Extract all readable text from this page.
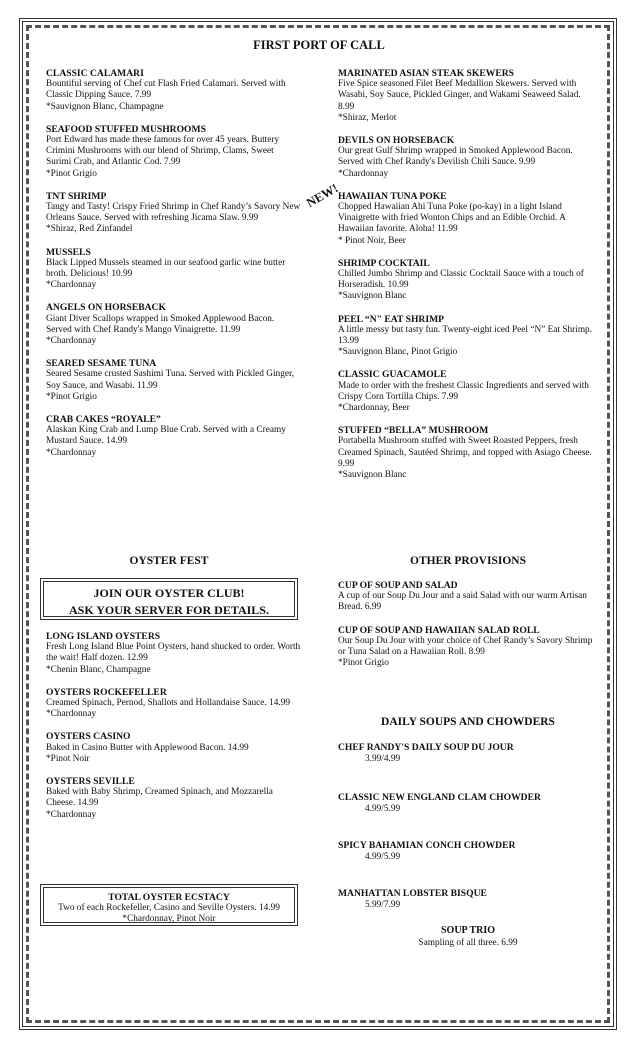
FIRST PORT OF CALL
NEW!
CLASSIC CALAMARI
Bountiful serving of Chef cut Flash Fried Calamari. Served with Classic Dipping Sauce. 7.99
*Sauvignon Blanc, Champagne
SEAFOOD STUFFED MUSHROOMS
Port Edward has made these famous for over 45 years. Buttery Crimini Mushrooms with our blend of Shrimp, Clams, Sweet Surimi Crab, and Atlantic Cod. 7.99
*Pinot Grigio
TNT SHRIMP
Tangy and Tasty! Crispy Fried Shrimp in Chef Randy’s Savory New Orleans Sauce. Served with refreshing Jicama Slaw. 9.99
*Shiraz, Red Zinfandel
MUSSELS
Black Lipped Mussels steamed in our seafood garlic wine butter broth. Delicious! 10.99
*Chardonnay
ANGELS ON HORSEBACK
Giant Diver Scallops wrapped in Smoked Applewood Bacon. Served with Chef Randy's Mango Vinaigrette. 11.99
*Chardonnay
SEARED SESAME TUNA
Seared Sesame crusted Sashimi Tuna. Served with Pickled Ginger, Soy Sauce, and Wasabi. 11.99
*Pinot Grigio
CRAB CAKES “ROYALE”
Alaskan King Crab and Lump Blue Crab. Served with a Creamy Mustard Sauce. 14.99
*Chardonnay
MARINATED ASIAN STEAK SKEWERS
Five Spice seasoned Filet Beef Medallion Skewers. Served with Wasabi, Soy Sauce, Pickled Ginger, and Wakami Seaweed Salad. 8.99
*Shiraz, Merlot
DEVILS ON HORSEBACK
Our great Gulf Shrimp wrapped in Smoked Applewood Bacon. Served with Chef Randy's Devilish Chili Sauce. 9.99
*Chardonnay
HAWAIIAN TUNA POKE
Chopped Hawaiian Ahi Tuna Poke (po-kay) in a light Island Vinaigrette with fried Wonton Chips and an Edible Orchid. A Hawaiian favorite. Aloha! 11.99
* Pinot Noir, Beer
SHRIMP COCKTAIL
Chilled Jumbo Shrimp and Classic Cocktail Sauce with a touch of Horseradish. 10.99
*Sauvignon Blanc
PEEL “N" EAT SHRIMP
A little messy but tasty fun. Twenty-eight iced Peel “N” Eat Shrimp. 13.99
*Sauvignon Blanc, Pinot Grigio
CLASSIC GUACAMOLE
Made to order with the freshest Classic Ingredients and served with Crispy Corn Tortilla Chips. 7.99
*Chardonnay, Beer
STUFFED “BELLA” MUSHROOM
Portabella Mushroom stuffed with Sweet Roasted Peppers, fresh Creamed Spinach, Sautéed Shrimp, and topped with Asiago Cheese. 9.99
*Sauvignon Blanc
OYSTER FEST
JOIN OUR OYSTER CLUB!
ASK YOUR SERVER FOR DETAILS.
LONG ISLAND OYSTERS
Fresh Long Island Blue Point Oysters, hand shucked to order. Worth the wait! Half dozen. 12.99
*Chenin Blanc, Champagne
OYSTERS ROCKEFELLER
Creamed Spinach, Pernod, Shallots and Hollandaise Sauce. 14.99
*Chardonnay
OYSTERS CASINO
Baked in Casino Butter with Applewood Bacon. 14.99
*Pinot Noir
OYSTERS SEVILLE
Baked with Baby Shrimp, Creamed Spinach, and Mozzarella Cheese. 14.99
*Chardonnay
TOTAL OYSTER ECSTACY
Two of each Rockefeller, Casino and Seville Oysters. 14.99
*Chardonnay, Pinot Noir
OTHER PROVISIONS
CUP OF SOUP AND SALAD
A cup of our Soup Du Jour and a said Salad with our warm Artisan Bread. 6.99
CUP OF SOUP AND HAWAIIAN SALAD ROLL
Our Soup Du Jour with your choice of Chef Randy’s Savory Shrimp or Tuna Salad on a Hawaiian Roll. 8.99
*Pinot Grigio
DAILY SOUPS AND CHOWDERS
CHEF RANDY'S DAILY SOUP DU JOUR
3.99/4.99
CLASSIC NEW ENGLAND CLAM CHOWDER
4.99/5.99
SPICY BAHAMIAN CONCH CHOWDER
4.99/5.99
MANHATTAN LOBSTER BISQUE
5.99/7.99
SOUP TRIO
Sampling of all three. 6.99
